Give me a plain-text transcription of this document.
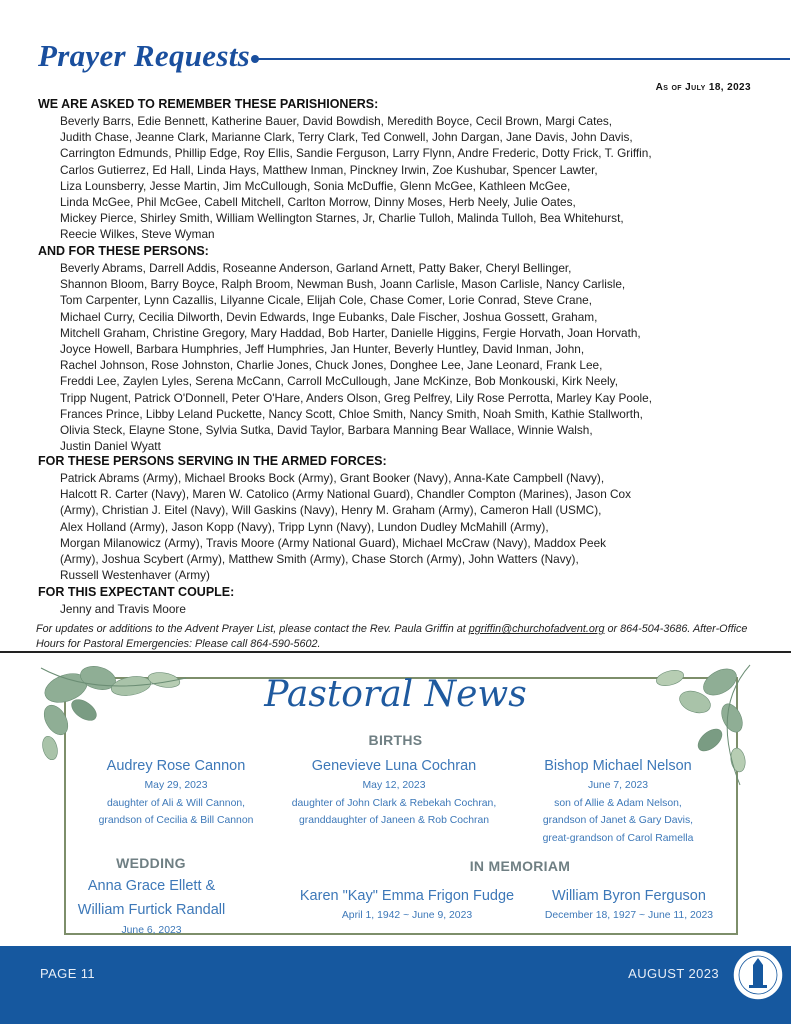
Prayer Requests
As of July 18, 2023

WE ARE ASKED TO REMEMBER THESE PARISHIONERS:

Beverly Barrs, Edie Bennett, Katherine Bauer, David Bowdish, Meredith Boyce, Cecil Brown, Margi Cates,
Judith Chase, Jeanne Clark, Marianne Clark, Terry Clark, Ted Conwell, John Dargan, Jane Davis, John Davis,
Carrington Edmunds, Phillip Edge, Roy Ellis, Sandie Ferguson, Larry Flynn, Andre Frederic, Dotty Frick, T. Griffin,
Carlos Gutierrez, Ed Hall, Linda Hays, Matthew Inman, Pinckney Irwin, Zoe Kushubar, Spencer Lawter,
Liza Lounsberry, Jesse Martin, Jim McCullough, Sonia McDuffie, Glenn McGee, Kathleen McGee,
Linda McGee, Phil McGee, Cabell Mitchell, Carlton Morrow, Dinny Moses, Herb Neely, Julie Oates,
Mickey Pierce, Shirley Smith, William Wellington Starnes, Jr, Charlie Tulloh, Malinda Tulloh, Bea Whitehurst,
Reecie Wilkes, Steve Wyman

AND FOR THESE PERSONS:

Beverly Abrams, Darrell Addis, Roseanne Anderson, Garland Arnett, Patty Baker, Cheryl Bellinger,
Shannon Bloom, Barry Boyce, Ralph Broom, Newman Bush, Joann Carlisle, Mason Carlisle, Nancy Carlisle,
Tom Carpenter, Lynn Cazallis, Lilyanne Cicale, Elijah Cole, Chase Comer, Lorie Conrad, Steve Crane,
Michael Curry, Cecilia Dilworth, Devin Edwards, Inge Eubanks, Dale Fischer, Joshua Gossett, Graham,
Mitchell Graham, Christine Gregory, Mary Haddad, Bob Harter, Danielle Higgins, Fergie Horvath, Joan Horvath,
Joyce Howell, Barbara Humphries, Jeff Humphries, Jan Hunter, Beverly Huntley, David Inman, John,
Rachel Johnson, Rose Johnston, Charlie Jones, Chuck Jones, Donghee Lee, Jane Leonard, Frank Lee,
Freddi Lee, Zaylen Lyles, Serena McCann, Carroll McCullough, Jane McKinze, Bob Monkouski, Kirk Neely,
Tripp Nugent, Patrick O'Donnell, Peter O'Hare, Anders Olson, Greg Pelfrey, Lily Rose Perrotta, Marley Kay Poole,
Frances Prince, Libby Leland Puckette, Nancy Scott, Chloe Smith, Nancy Smith, Noah Smith, Kathie Stallworth,
Olivia Steck, Elayne Stone, Sylvia Sutka, David Taylor, Barbara Manning Bear Wallace, Winnie Walsh,
Justin Daniel Wyatt

FOR THESE PERSONS SERVING IN THE ARMED FORCES:

Patrick Abrams (Army), Michael Brooks Bock (Army), Grant Booker (Navy), Anna-Kate Campbell (Navy),
Halcott R. Carter (Navy), Maren W. Catolico (Army National Guard), Chandler Compton (Marines), Jason Cox
(Army), Christian J. Eitel (Navy), Will Gaskins (Navy), Henry M. Graham (Army), Cameron Hall (USMC),
Alex Holland (Army), Jason Kopp (Navy), Tripp Lynn (Navy), Lundon Dudley McMahill (Army),
Morgan Milanowicz (Army), Travis Moore (Army National Guard), Michael McCraw (Navy), Maddox Peek
(Army), Joshua Scybert (Army), Matthew Smith (Army), Chase Storch (Army), John Watters (Navy),
Russell Westenhaver (Army)

FOR THIS EXPECTANT COUPLE:

Jenny and Travis Moore

For updates or additions to the Advent Prayer List, please contact the Rev. Paula Griffin at pgriffin@churchofadvent.org or 864-504-3686. After-Office Hours for Pastoral Emergencies: Please call 864-590-5602.
Pastoral News
BIRTHS
Audrey Rose Cannon
May 29, 2023
daughter of Ali & Will Cannon,
grandson of Cecilia & Bill Cannon
Genevieve Luna Cochran
May 12, 2023
daughter of John Clark & Rebekah Cochran,
granddaughter of Janeen & Rob Cochran
Bishop Michael Nelson
June 7, 2023
son of Allie & Adam Nelson,
grandson of Janet & Gary Davis,
great-grandson of Carol Ramella
WEDDING
Anna Grace Ellett &
William Furtick Randall
June 6, 2023
IN MEMORIAM
Karen "Kay" Emma Frigon Fudge
April 1, 1942 ~ June 9, 2023
William Byron Ferguson
December 18, 1927 ~ June 11, 2023
PAGE 11	AUGUST 2023
